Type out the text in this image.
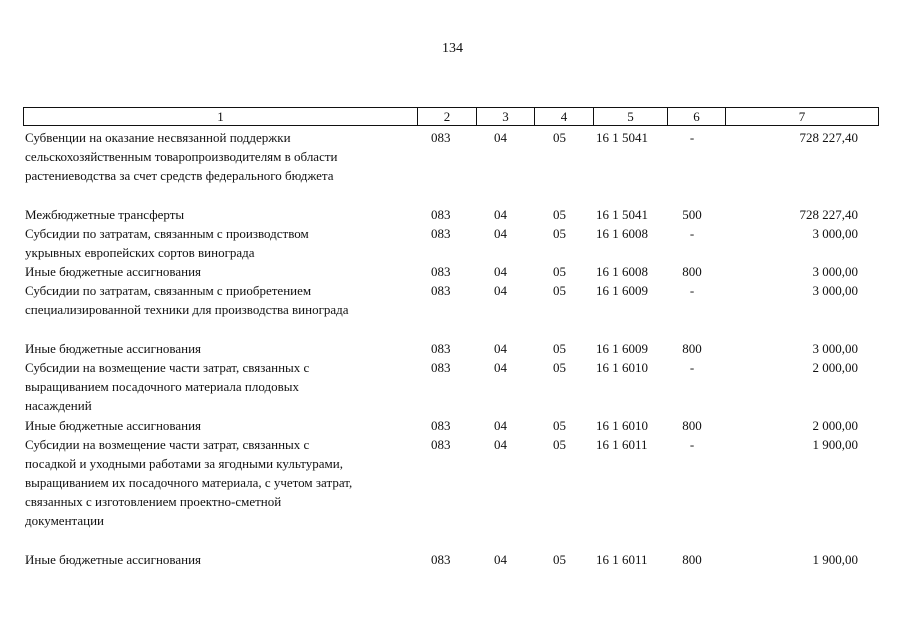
134
1	2	3	4	5	6	7
Субвенции на оказание несвязанной поддержки
сельскохозяйственным товаропроизводителям в области
растениеводства за счет средств федерального бюджета
083	04	05	16 1 5041	-	728 227,40
Межбюджетные трансферты	083	04	05	16 1 5041	500	728 227,40
Субсидии по затратам, связанным с производством
укрывных европейских сортов винограда
083	04	05	16 1 6008	-	3 000,00
Иные бюджетные ассигнования	083	04	05	16 1 6008	800	3 000,00
Субсидии по затратам, связанным с приобретением
специализированной техники для производства винограда
083	04	05	16 1 6009	-	3 000,00
Иные бюджетные ассигнования	083	04	05	16 1 6009	800	3 000,00
Субсидии на возмещение части затрат, связанных с
выращиванием посадочного материала плодовых
насаждений
083	04	05	16 1 6010	-	2 000,00
Иные бюджетные ассигнования	083	04	05	16 1 6010	800	2 000,00
Субсидии на возмещение части затрат, связанных с
посадкой и уходными работами за ягодными культурами,
выращиванием их посадочного материала, с учетом затрат,
связанных с изготовлением проектно-сметной
документации
083	04	05	16 1 6011	-	1 900,00
Иные бюджетные ассигнования	083	04	05	16 1 6011	800	1 900,00
